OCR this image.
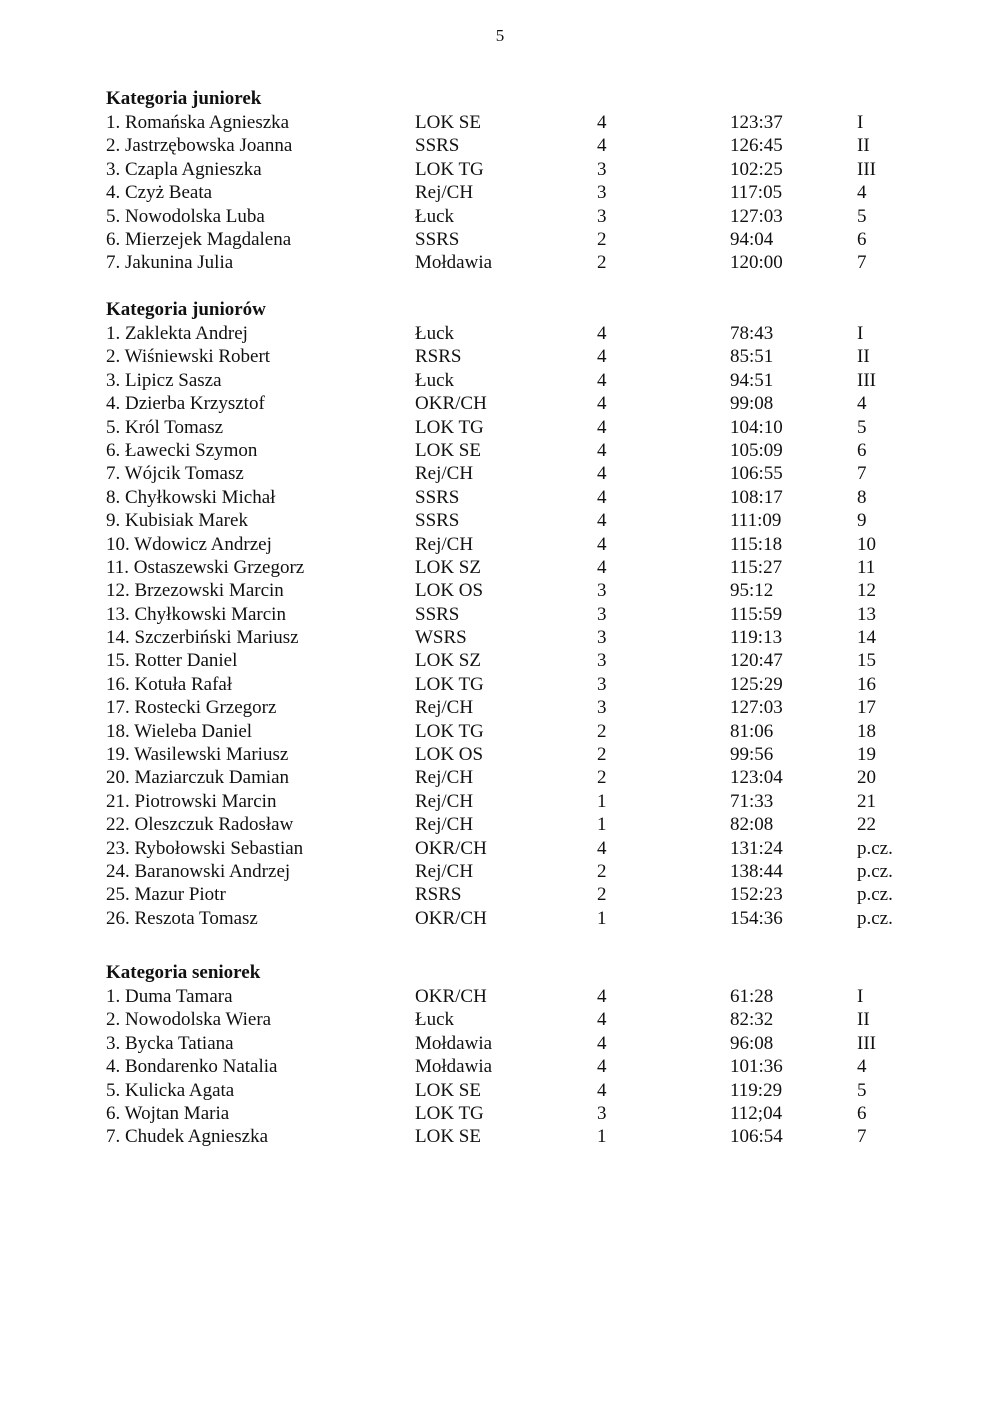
5
Kategoria juniorek
1. Romańska Agnieszka	LOK SE	4	123:37	I
2. Jastrzębowska Joanna	SSRS	4	126:45	II
3. Czapla Agnieszka	LOK TG	3	102:25	III
4. Czyż Beata	Rej/CH	3	117:05	4
5. Nowodolska Luba	Łuck	3	127:03	5
6. Mierzejek Magdalena	SSRS	2	94:04	6
7. Jakunina Julia	Mołdawia	2	120:00	7
Kategoria juniorów
1. Zaklekta Andrej	Łuck	4	78:43	I
2. Wiśniewski Robert	RSRS	4	85:51	II
3. Lipicz Sasza	Łuck	4	94:51	III
4. Dzierba Krzysztof	OKR/CH	4	99:08	4
5. Król Tomasz	LOK TG	4	104:10	5
6. Ławecki Szymon	LOK SE	4	105:09	6
7. Wójcik Tomasz	Rej/CH	4	106:55	7
8. Chyłkowski Michał	SSRS	4	108:17	8
9. Kubisiak Marek	SSRS	4	111:09	9
10. Wdowicz Andrzej	Rej/CH	4	115:18	10
11. Ostaszewski Grzegorz	LOK SZ	4	115:27	11
12. Brzezowski Marcin	LOK OS	3	95:12	12
13. Chyłkowski Marcin	SSRS	3	115:59	13
14. Szczerbiński Mariusz	WSRS	3	119:13	14
15. Rotter Daniel	LOK SZ	3	120:47	15
16. Kotuła Rafał	LOK TG	3	125:29	16
17. Rostecki Grzegorz	Rej/CH	3	127:03	17
18. Wieleba Daniel	LOK TG	2	81:06	18
19. Wasilewski Mariusz	LOK OS	2	99:56	19
20. Maziarczuk Damian	Rej/CH	2	123:04	20
21. Piotrowski Marcin	Rej/CH	1	71:33	21
22. Oleszczuk Radosław	Rej/CH	1	82:08	22
23. Rybołowski Sebastian	OKR/CH	4	131:24	p.cz.
24. Baranowski Andrzej	Rej/CH	2	138:44	p.cz.
25. Mazur Piotr	RSRS	2	152:23	p.cz.
26. Reszota Tomasz	OKR/CH	1	154:36	p.cz.
Kategoria seniorek
1. Duma Tamara	OKR/CH	4	61:28	I
2. Nowodolska Wiera	Łuck	4	82:32	II
3. Bycka Tatiana	Mołdawia	4	96:08	III
4. Bondarenko Natalia	Mołdawia	4	101:36	4
5. Kulicka Agata	LOK SE	4	119:29	5
6. Wojtan Maria	LOK TG	3	112;04	6
7. Chudek Agnieszka	LOK SE	1	106:54	7
